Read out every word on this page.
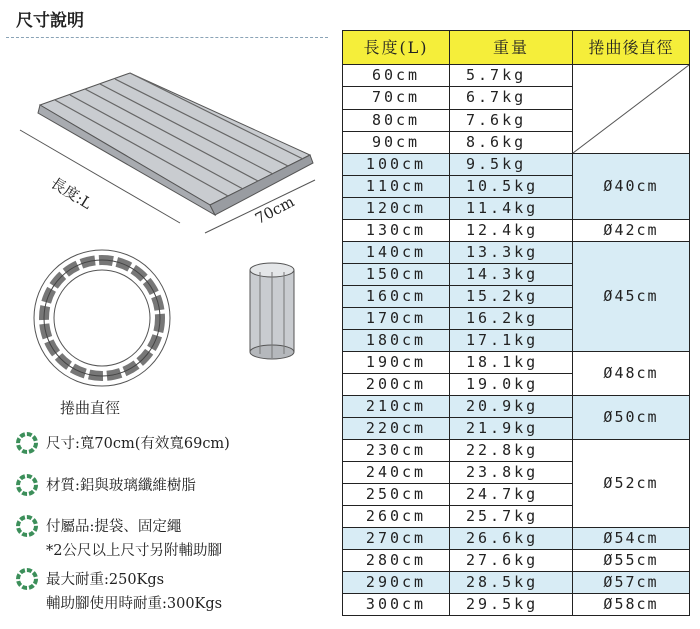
尺寸說明
長度:L	70cm
捲曲直徑
尺寸:寬70cm(有效寬69cm)
材質:鋁與玻璃纖維樹脂
付屬品:提袋、固定繩
*2公尺以上尺寸另附輔助腳
最大耐重:250Kgs
輔助腳使用時耐重:300Kgs
長度(L)	重量	捲曲後直徑
60cm	5.7kg	

70cm	6.7kg	
80cm	7.6kg	
90cm	8.6kg	
100cm	9.5kg	Ø40cm
110cm	10.5kg	
120cm	11.4kg	
130cm	12.4kg	Ø42cm
140cm	13.3kg	Ø45cm
150cm	14.3kg	
160cm	15.2kg	
170cm	16.2kg	
180cm	17.1kg	
190cm	18.1kg	Ø48cm
200cm	19.0kg	
210cm	20.9kg	Ø50cm
220cm	21.9kg	
230cm	22.8kg	Ø52cm
240cm	23.8kg	
250cm	24.7kg	
260cm	25.7kg	
270cm	26.6kg	Ø54cm
280cm	27.6kg	Ø55cm
290cm	28.5kg	Ø57cm
300cm	29.5kg	Ø58cm
